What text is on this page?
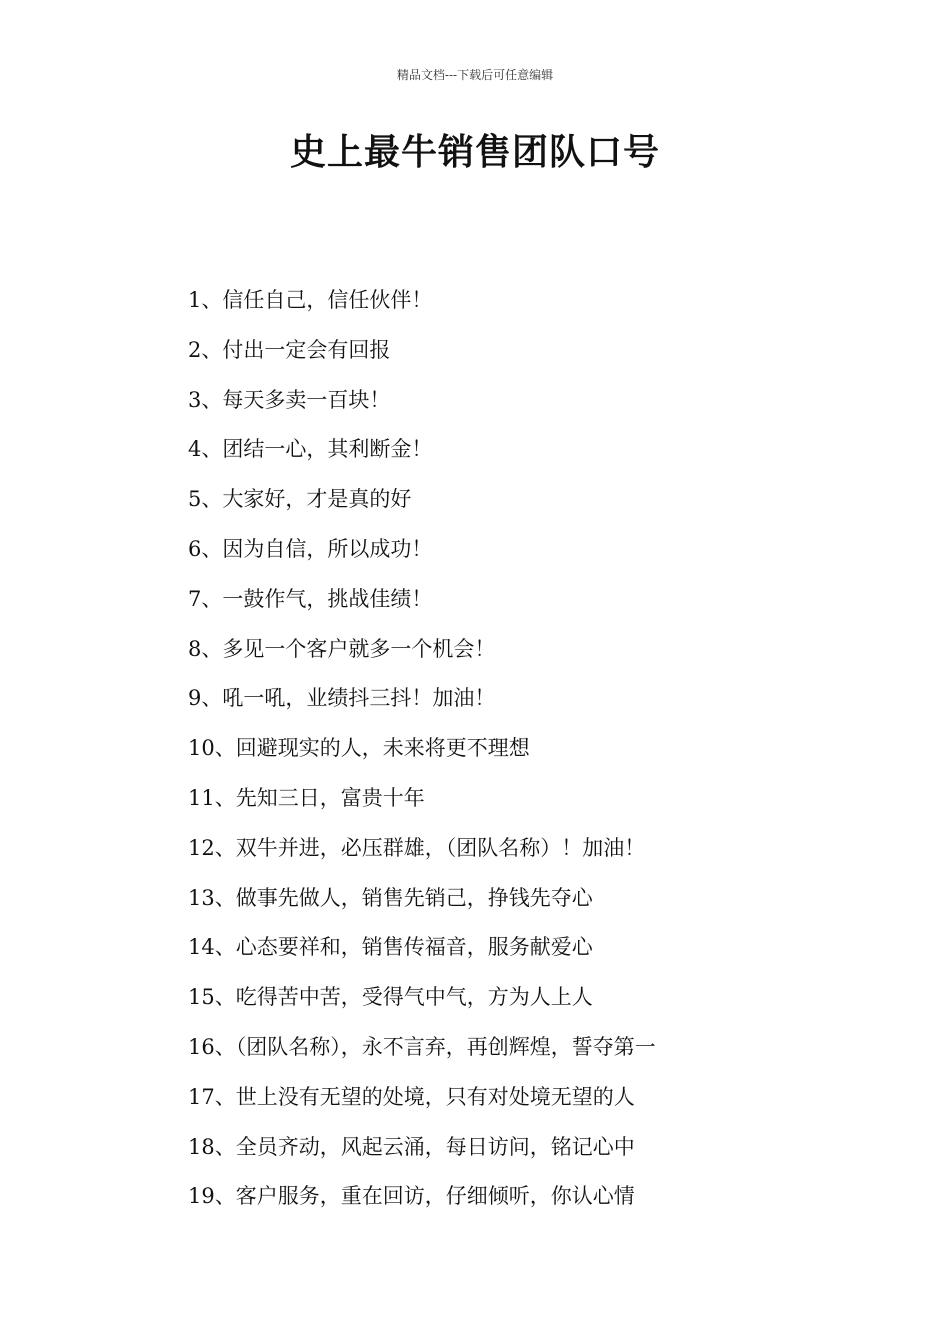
精品文档---下载后可任意编辑
史上最牛销售团队口号
1、信任自己，信任伙伴！
2、付出一定会有回报
3、每天多卖一百块！
4、团结一心，其利断金！
5、大家好，才是真的好
6、因为自信，所以成功！
7、一鼓作气，挑战佳绩！
8、多见一个客户就多一个机会！
9、吼一吼，业绩抖三抖！加油！
10、回避现实的人，未来将更不理想
11、先知三日，富贵十年
12、双牛并进，必压群雄，（团队名称）！加油！
13、做事先做人，销售先销己，挣钱先夺心
14、心态要祥和，销售传福音，服务献爱心
15、吃得苦中苦，受得气中气，方为人上人
16、（团队名称），永不言弃，再创辉煌，誓夺第一
17、世上没有无望的处境，只有对处境无望的人
18、全员齐动，风起云涌，每日访问，铭记心中
19、客户服务，重在回访，仔细倾听，你认心情
